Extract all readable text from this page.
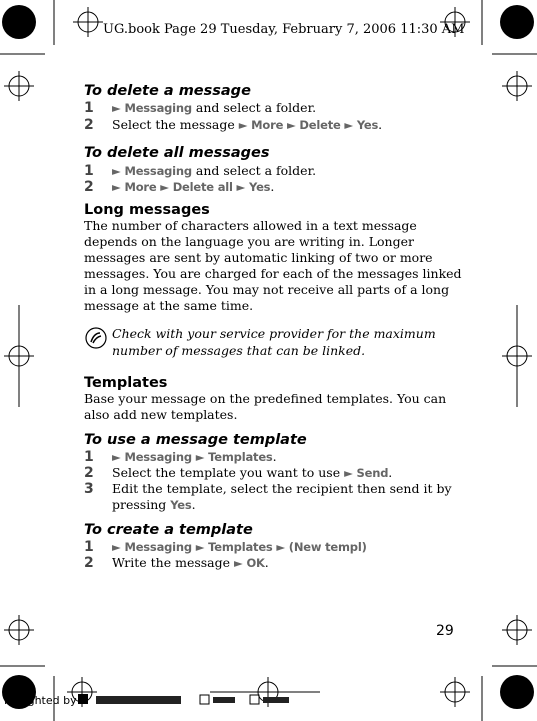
UG.book Page 29 Tuesday, February 7, 2006 11:30 AM
To delete a message
1 ► Messaging and select a folder.
2 Select the message ► More ► Delete ► Yes.
To delete all messages
1 ► Messaging and select a folder.
2 ► More ► Delete all ► Yes.
Long messages
The number of characters allowed in a text message depends on the language you are writing in. Longer messages are sent by automatic linking of two or more messages. You are charged for each of the messages linked in a long message. You may not receive all parts of a long message at the same time.
Check with your service provider for the maximum number of messages that can be linked.
Templates
Base your message on the predefined templates. You can also add new templates.
To use a message template
1 ► Messaging ► Templates.
2 Select the template you want to use ► Send.
3 Edit the template, select the recipient then send it by
pressing Yes.
To create a template
1 ► Messaging ► Templates ► (New templ)
2 Write the message ► OK.
29
Prelighted by
